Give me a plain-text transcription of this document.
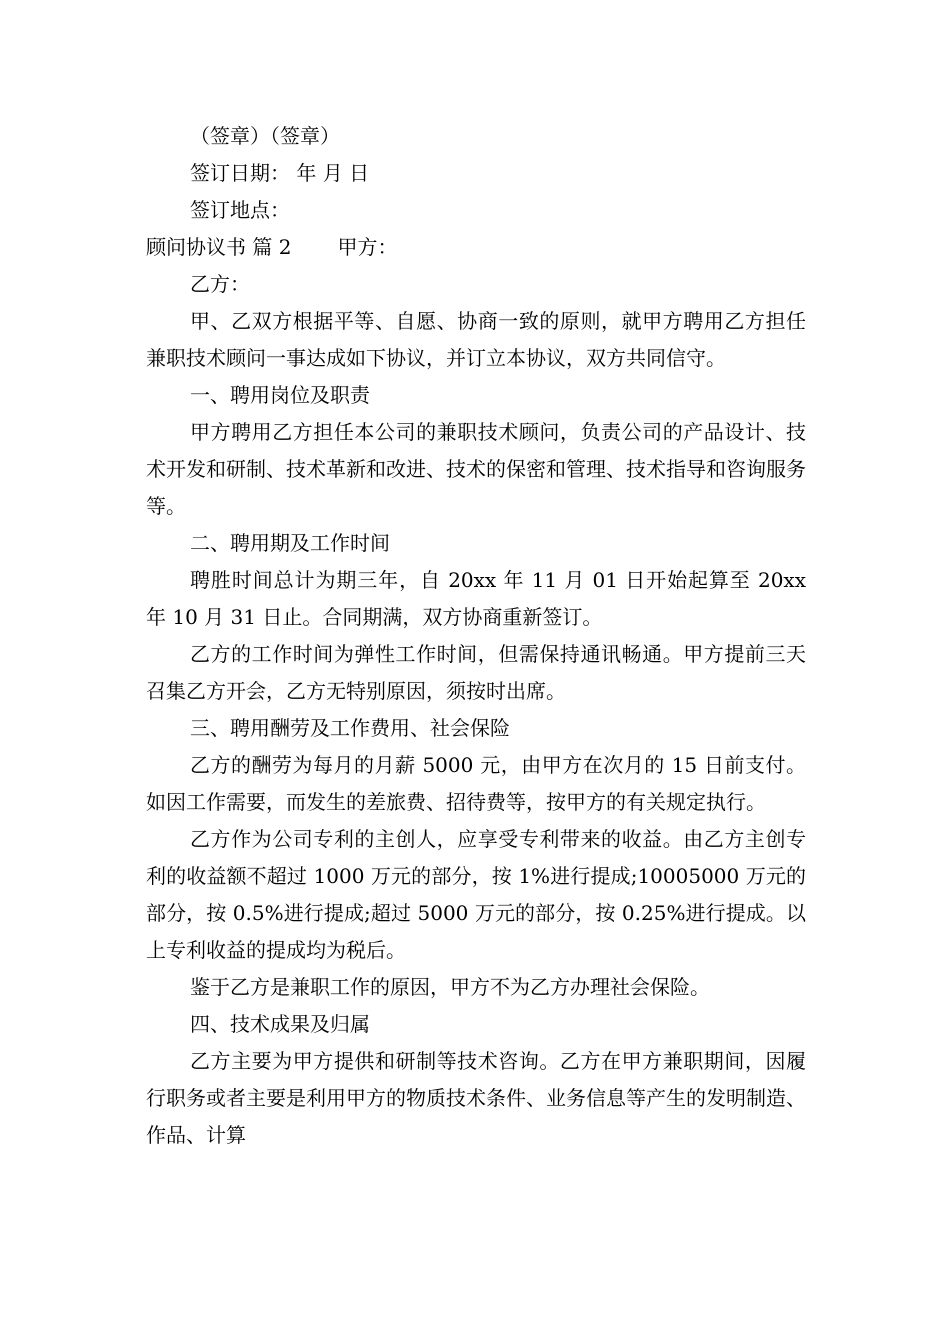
（签章）（签章）
签订日期： 年 月 日
签订地点：
顾问协议书 篇 2 甲方：
乙方：

甲、乙双方根据平等、自愿、协商一致的原则，就甲方聘用乙方担任兼职技术顾问一事达成如下协议，并订立本协议，双方共同信守。

一、聘用岗位及职责

甲方聘用乙方担任本公司的兼职技术顾问，负责公司的产品设计、技术开发和研制、技术革新和改进、技术的保密和管理、技术指导和咨询服务等。

二、聘用期及工作时间

聘胜时间总计为期三年，自 20xx 年 11 月 01 日开始起算至 20xx 年 10 月 31 日止。合同期满，双方协商重新签订。

乙方的工作时间为弹性工作时间，但需保持通讯畅通。甲方提前三天召集乙方开会，乙方无特别原因，须按时出席。

三、聘用酬劳及工作费用、社会保险

乙方的酬劳为每月的月薪 5000 元，由甲方在次月的 15 日前支付。如因工作需要，而发生的差旅费、招待费等，按甲方的有关规定执行。

乙方作为公司专利的主创人，应享受专利带来的收益。由乙方主创专利的收益额不超过 1000 万元的部分，按 1%进行提成;10005000 万元的部分，按 0.5%进行提成;超过 5000 万元的部分，按 0.25%进行提成。以上专利收益的提成均为税后。

鉴于乙方是兼职工作的原因，甲方不为乙方办理社会保险。

四、技术成果及归属

乙方主要为甲方提供和研制等技术咨询。乙方在甲方兼职期间，因履行职务或者主要是利用甲方的物质技术条件、业务信息等产生的发明制造、作品、计算
